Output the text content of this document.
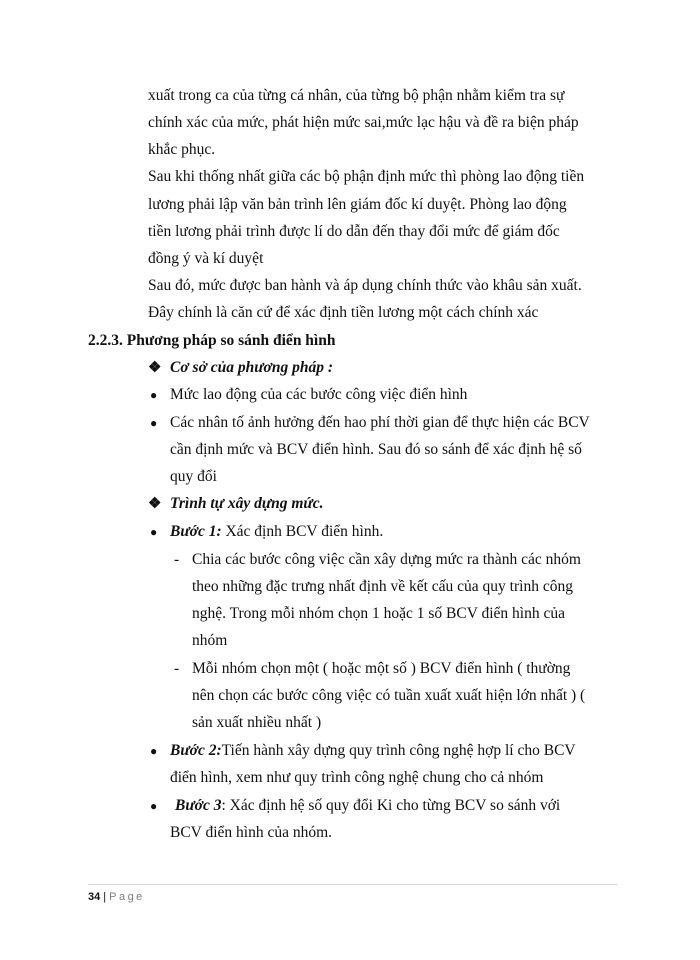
xuất trong ca của từng cá nhân, của từng bộ phận nhằm kiểm tra sự
chính xác của mức, phát hiện mức sai,mức lạc hậu và đề ra biện pháp
khắc phục.
Sau khi thống nhất giữa các bộ phận định mức thì phòng lao động tiền
lương phải lập văn bản trình lên giám đốc kí duyệt. Phòng lao động
tiền lương phải trình được lí do dẫn đến thay đổi mức để giám đốc
đồng ý và kí duyệt
Sau đó, mức được ban hành và áp dụng chính thức vào khâu sản xuất.
Đây chính là căn cứ để xác định tiền lương một cách chính xác
2.2.3. Phương pháp so sánh điển hình
❖ Cơ sở của phương pháp :
● Mức lao động của các bước công việc điển hình
● Các nhân tố ảnh hưởng đến hao phí thời gian để thực hiện các BCV
cần định mức và BCV điển hình. Sau đó so sánh để xác định hệ số
quy đổi
❖ Trình tự xây dựng mức.
● Bước 1: Xác định BCV điển hình.
- Chia các bước công việc cần xây dựng mức ra thành các nhóm
theo những đặc trưng nhất định về kết cấu của quy trình công
nghệ. Trong mỗi nhóm chọn 1 hoặc 1 số BCV điển hình của
nhóm
- Mỗi nhóm chọn một ( hoặc một số ) BCV điển hình ( thường
nên chọn các bước công việc có tuần xuất xuất hiện lớn nhất ) (
sản xuất nhiều nhất )
● Bước 2:Tiến hành xây dựng quy trình công nghệ hợp lí cho BCV
điển hình, xem như quy trình công nghệ chung cho cả nhóm
● Bước 3: Xác định hệ số quy đổi Ki cho từng BCV so sánh với
BCV điển hình của nhóm.
34 | Page
